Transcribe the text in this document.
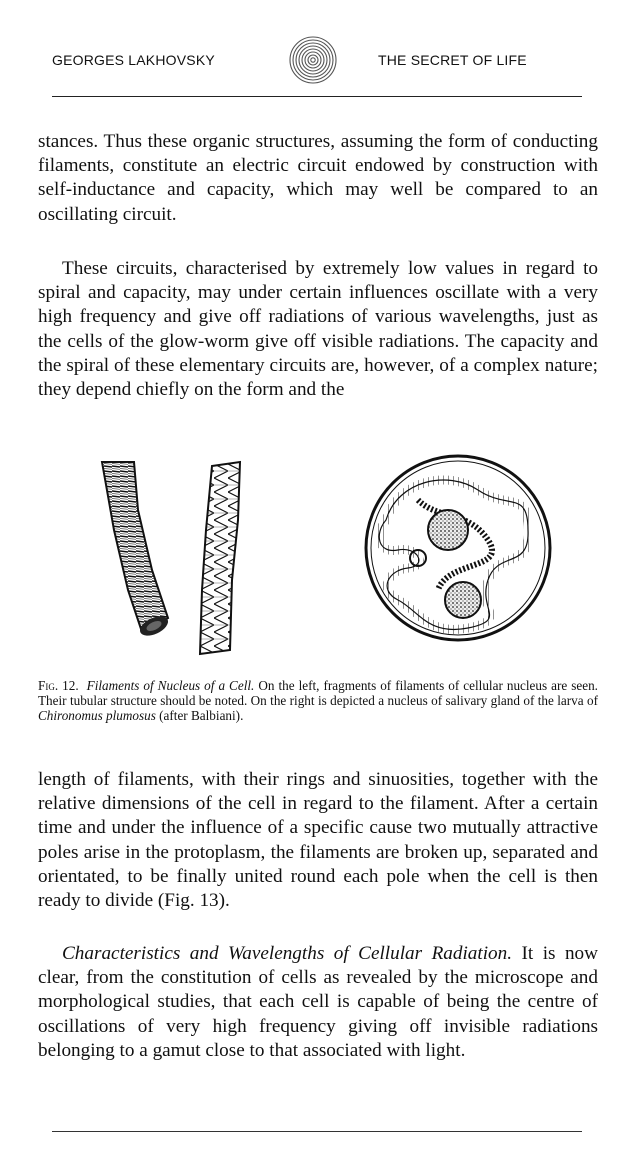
GEORGES LAKHOVSKY	THE SECRET OF LIFE

stances. Thus these organic structures, assuming the form of conducting filaments, constitute an electric circuit endowed by construction with self-inductance and capacity, which may well be compared to an oscillating circuit.

These circuits, characterised by extremely low values in regard to spiral and capacity, may under certain influences oscillate with a very high frequency and give off radiations of various wavelengths, just as the cells of the glow-worm give off visible radiations. The capacity and the spiral of these elementary circuits are, however, of a complex nature; they depend chiefly on the form and the

Fig. 12. Filaments of Nucleus of a Cell. On the left, fragments of filaments of cellular nucleus are seen. Their tubular structure should be noted. On the right is depicted a nucleus of salivary gland of the larva of Chironomus plumosus (after Balbiani).

length of filaments, with their rings and sinuosities, together with the relative dimensions of the cell in regard to the filament. After a certain time and under the influence of a specific cause two mutually attractive poles arise in the protoplasm, the filaments are broken up, separated and orientated, to be finally united round each pole when the cell is then ready to divide (Fig. 13).

Characteristics and Wavelengths of Cellular Radiation. It is now clear, from the constitution of cells as revealed by the microscope and morphological studies, that each cell is capable of being the centre of oscillations of very high frequency giving off invisible radiations belonging to a gamut close to that associated with light.
